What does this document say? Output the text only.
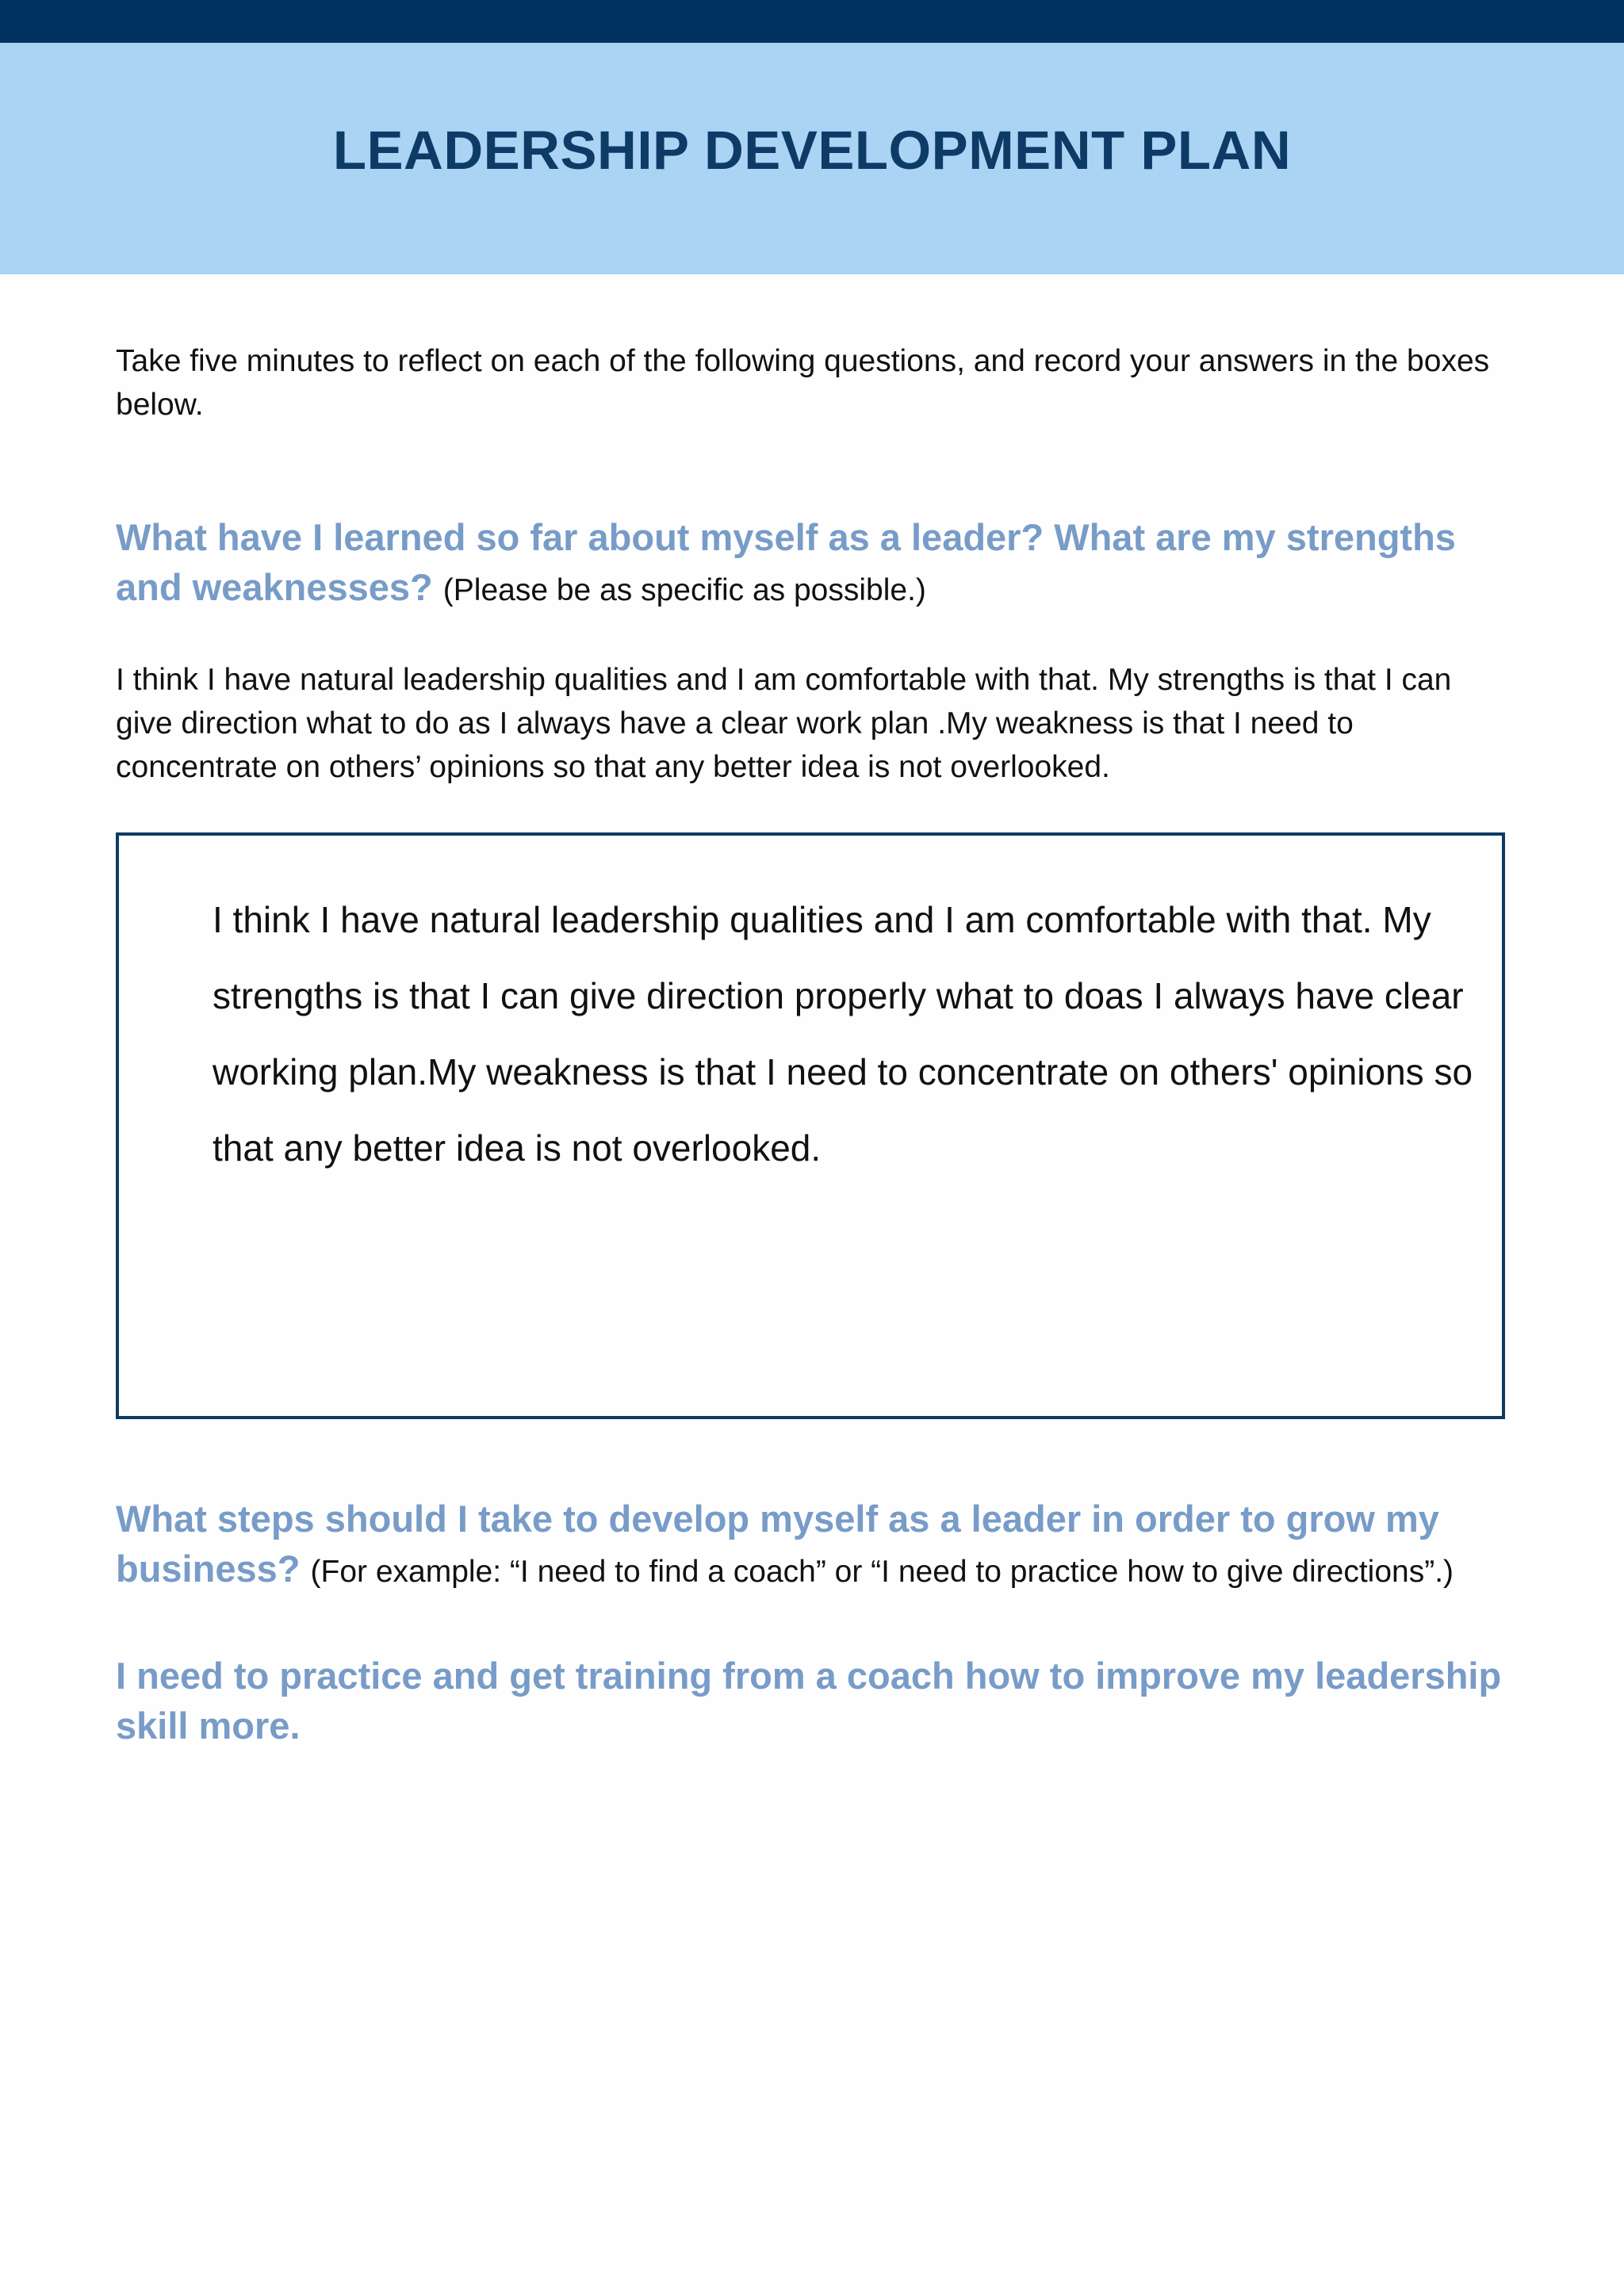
LEADERSHIP DEVELOPMENT PLAN

Take five minutes to reflect on each of the following questions, and record your answers in the boxes below.

What have I learned so far about myself as a leader? What are my strengths and weaknesses? (Please be as specific as possible.)

I think I have natural leadership qualities and I am comfortable with that. My strengths is that I can give direction what to do as I always have a clear work plan .My weakness is that I need to concentrate on others’ opinions so that any better idea is not overlooked.

I think I have natural leadership qualities and I am comfortable with that. My strengths is that I can give direction properly what to doas I always have clear working plan.My weakness is that I need to concentrate on others' opinions so that any better idea is not overlooked.

What steps should I take to develop myself as a leader in order to grow my business? (For example: “I need to find a coach” or “I need to practice how to give directions”.)

I need to practice and get training from a coach how to improve my leadership skill more.
